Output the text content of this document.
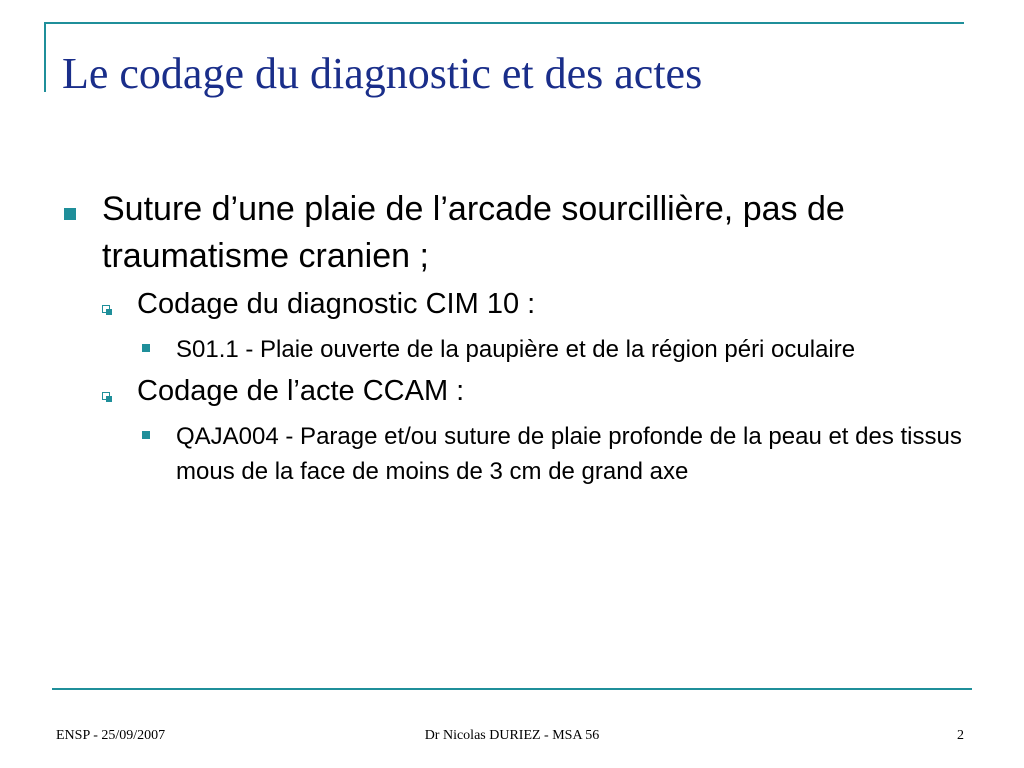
Le codage du diagnostic et des actes
Suture d’une plaie de l’arcade sourcillière, pas de traumatisme cranien ;
Codage du diagnostic CIM 10 :
S01.1 - Plaie ouverte de la paupière et de la région péri oculaire
Codage de l’acte CCAM :
QAJA004 - Parage et/ou suture de plaie profonde de la peau et des tissus mous de la face de moins de 3 cm de grand axe
ENSP - 25/09/2007	Dr Nicolas DURIEZ - MSA 56	2
